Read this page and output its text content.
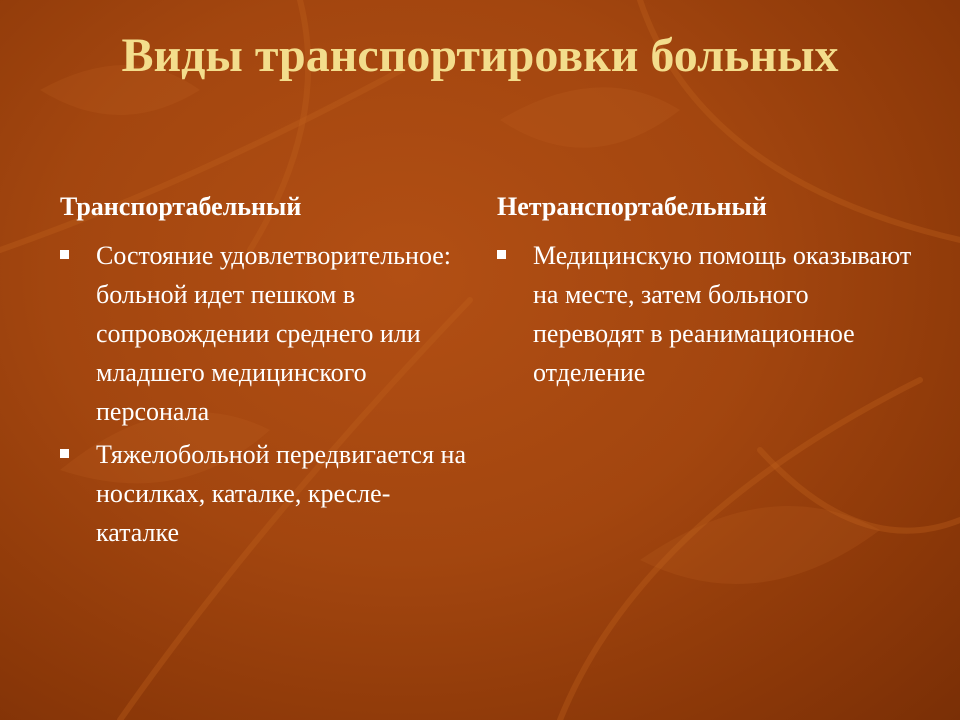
Виды транспортировки больных
Транспортабельный
Состояние удовлетворительное: больной идет пешком в сопровождении среднего или младшего медицинского персонала
Тяжелобольной передвигается на носилках, каталке, кресле-каталке
Нетранспортабельный
Медицинскую помощь оказывают на месте, затем больного переводят в реанимационное отделение
